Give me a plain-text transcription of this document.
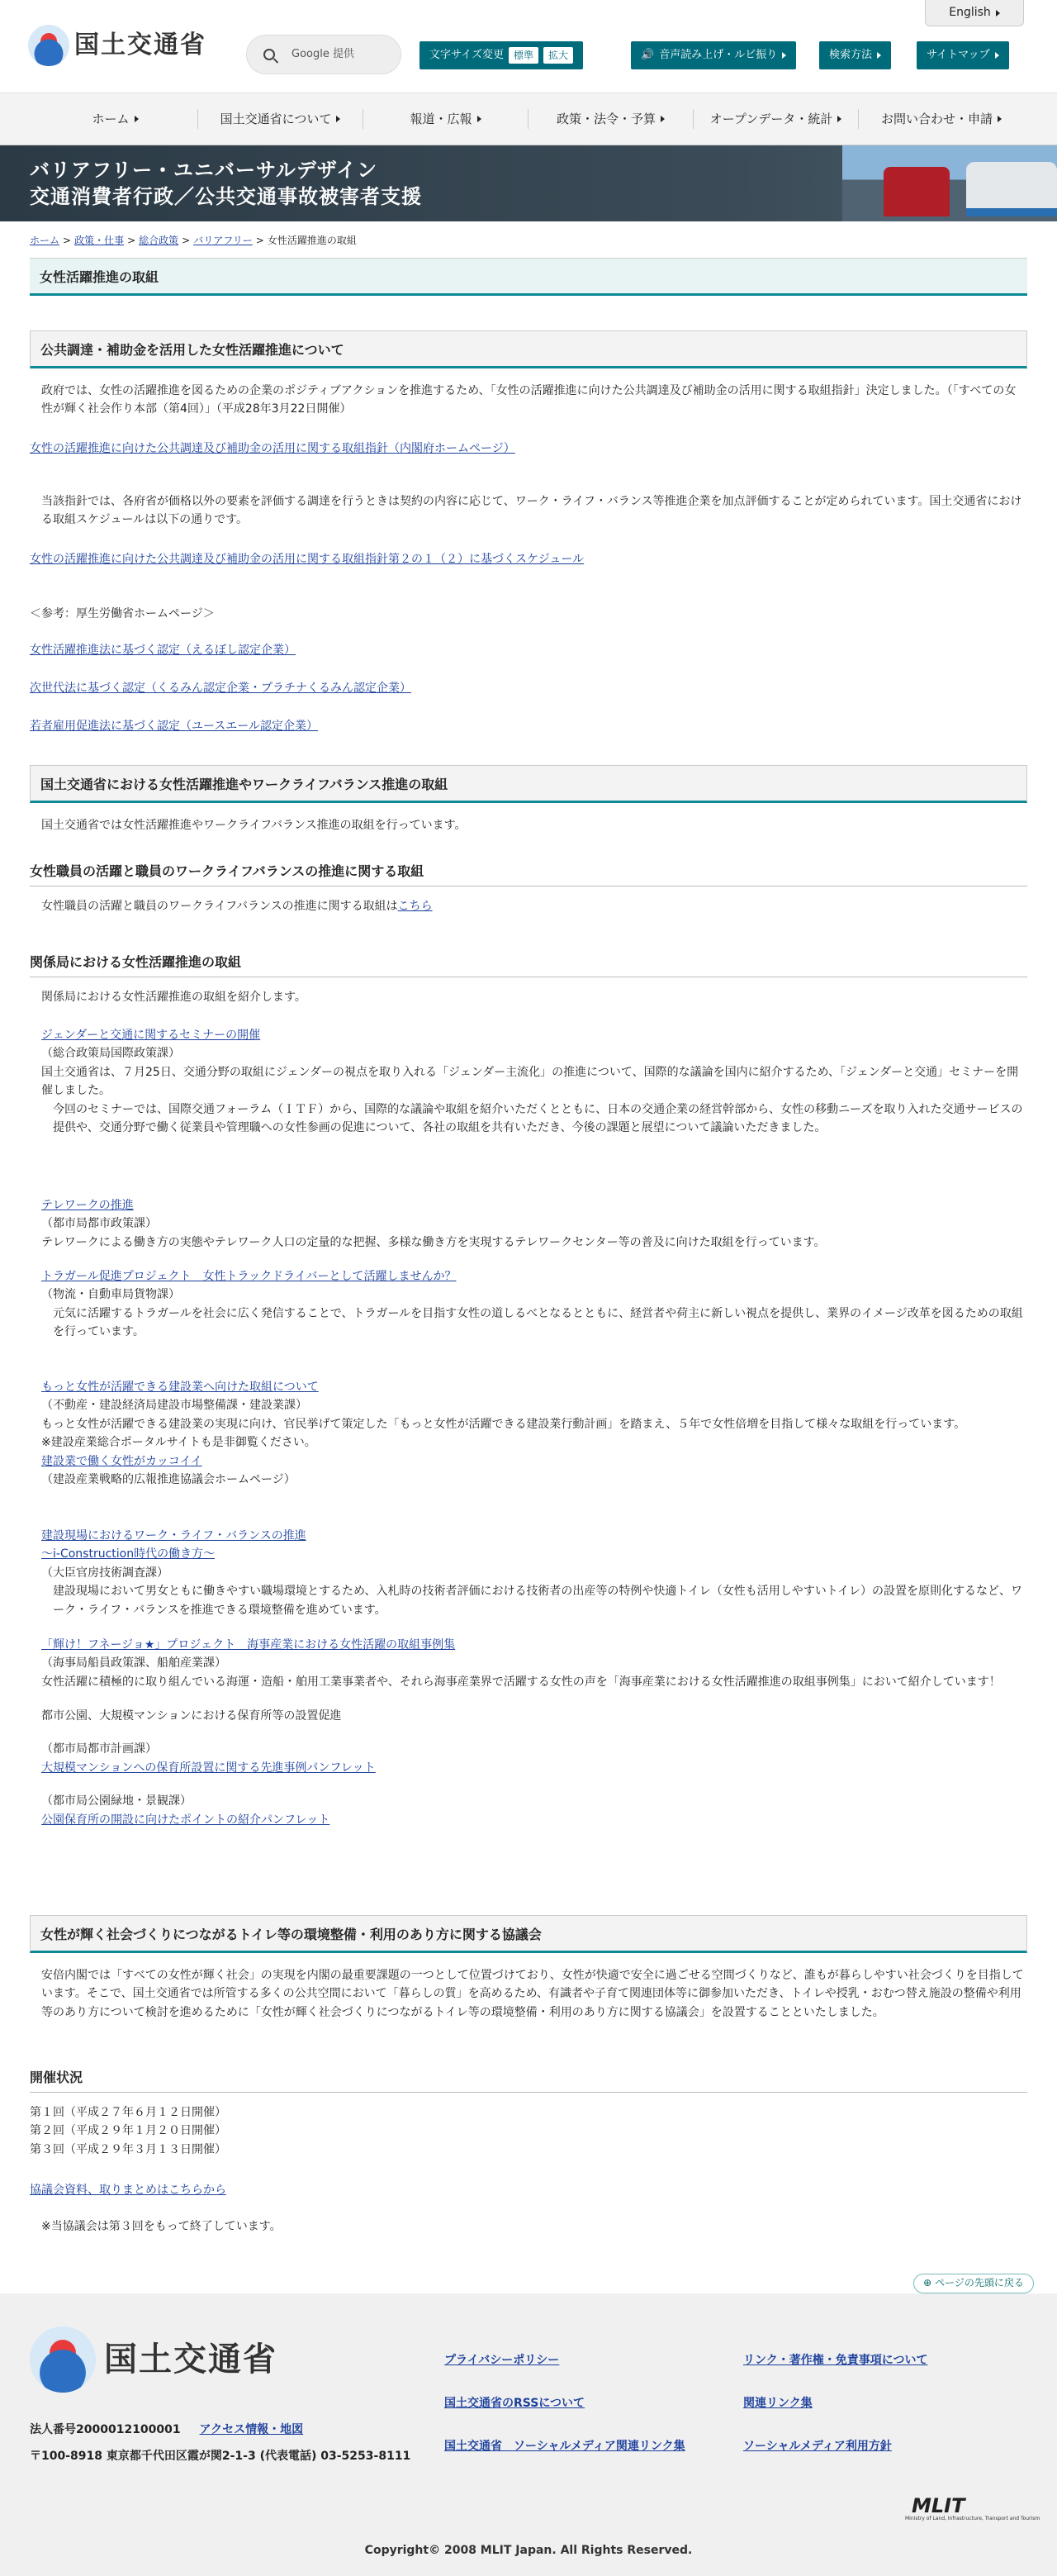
English
国土交通省	Google 提供	文字サイズ変更	標準	拡大	🔊 音声読み上げ・ルビ振り	検索方法	サイトマップ
ホーム	国土交通省について	報道・広報	政策・法令・予算	オープンデータ・統計	お問い合わせ・申請
バリアフリー・ユニバーサルデザイン
交通消費者行政／公共交通事故被害者支援
ホーム > 政策・仕事 > 総合政策 > バリアフリー > 女性活躍推進の取組
女性活躍推進の取組
公共調達・補助金を活用した女性活躍推進について

政府では、女性の活躍推進を図るための企業のポジティブアクションを推進するため、「女性の活躍推進に向けた公共調達及び補助金の活用に関する取組指針」決定しました。（「すべての女性が輝く社会作り本部（第4回）」（平成28年3月22日開催）

女性の活躍推進に向けた公共調達及び補助金の活用に関する取組指針（内閣府ホームページ）

当該指針では、各府省が価格以外の要素を評価する調達を行うときは契約の内容に応じて、ワーク・ライフ・バランス等推進企業を加点評価することが定められています。国土交通省における取組スケジュールは以下の通りです。

女性の活躍推進に向けた公共調達及び補助金の活用に関する取組指針第２の１（２）に基づくスケジュール

＜参考：厚生労働省ホームページ＞

女性活躍推進法に基づく認定（えるぼし認定企業）
次世代法に基づく認定（くるみん認定企業・プラチナくるみん認定企業）
若者雇用促進法に基づく認定（ユースエール認定企業）
国土交通省における女性活躍推進やワークライフバランス推進の取組

国土交通省では女性活躍推進やワークライフバランス推進の取組を行っています。

女性職員の活躍と職員のワークライフバランスの推進に関する取組

女性職員の活躍と職員のワークライフバランスの推進に関する取組はこちら

関係局における女性活躍推進の取組

関係局における女性活躍推進の取組を紹介します。

ジェンダーと交通に関するセミナーの開催

（総合政策局国際政策課）

国土交通省は、７月25日、交通分野の取組にジェンダーの視点を取り入れる「ジェンダー主流化」の推進について、国際的な議論を国内に紹介するため、「ジェンダーと交通」セミナーを開催しました。

今回のセミナーでは、国際交通フォーラム（ＩＴＦ）から、国際的な議論や取組を紹介いただくとともに、日本の交通企業の経営幹部から、女性の移動ニーズを取り入れた交通サービスの提供や、交通分野で働く従業員や管理職への女性参画の促進について、各社の取組を共有いただき、今後の課題と展望について議論いただきました。

テレワークの推進

（都市局都市政策課）

テレワークによる働き方の実態やテレワーク人口の定量的な把握、多様な働き方を実現するテレワークセンター等の普及に向けた取組を行っています。

トラガール促進プロジェクト　女性トラックドライバーとして活躍しませんか？

（物流・自動車局貨物課）

元気に活躍するトラガールを社会に広く発信することで、トラガールを目指す女性の道しるべとなるとともに、経営者や荷主に新しい視点を提供し、業界のイメージ改革を図るための取組を行っています。

もっと女性が活躍できる建設業へ向けた取組について

（不動産・建設経済局建設市場整備課・建設業課）

もっと女性が活躍できる建設業の実現に向け、官民挙げて策定した「もっと女性が活躍できる建設業行動計画」を踏まえ、５年で女性倍増を目指して様々な取組を行っています。

※建設産業総合ポータルサイトも是非御覧ください。

建設業で働く女性がカッコイイ

（建設産業戦略的広報推進協議会ホームページ）

建設現場におけるワーク・ライフ・バランスの推進
～i-Construction時代の働き方～

（大臣官房技術調査課）

建設現場において男女ともに働きやすい職場環境とするため、入札時の技術者評価における技術者の出産等の特例や快適トイレ（女性も活用しやすいトイレ）の設置を原則化するなど、ワーク・ライフ・バランスを推進できる環境整備を進めています。

「輝け！フネージョ★」プロジェクト　海事産業における女性活躍の取組事例集

（海事局船員政策課、船舶産業課）

女性活躍に積極的に取り組んでいる海運・造船・舶用工業事業者や、それら海事産業界で活躍する女性の声を「海事産業における女性活躍推進の取組事例集」において紹介しています！

都市公園、大規模マンションにおける保育所等の設置促進

（都市局都市計画課）

大規模マンションへの保育所設置に関する先進事例パンフレット

（都市局公園緑地・景観課）

公園保育所の開設に向けたポイントの紹介パンフレット
女性が輝く社会づくりにつながるトイレ等の環境整備・利用のあり方に関する協議会

安倍内閣では「すべての女性が輝く社会」の実現を内閣の最重要課題の一つとして位置づけており、女性が快適で安全に過ごせる空間づくりなど、誰もが暮らしやすい社会づくりを目指しています。そこで、国土交通省では所管する多くの公共空間において「暮らしの質」を高めるため、有識者や子育て関連団体等に御参加いただき、トイレや授乳・おむつ替え施設の整備や利用等のあり方について検討を進めるために「女性が輝く社会づくりにつながるトイレ等の環境整備・利用のあり方に関する協議会」を設置することといたしました。

開催状況

第１回（平成２７年６月１２日開催）

第２回（平成２９年１月２０日開催）

第３回（平成２９年３月１３日開催）

協議会資料、取りまとめはこちらから

※当協議会は第３回をもって終了しています。

⊕ ページの先頭に戻る
国土交通省
法人番号2000012100001 アクセス情報・地図
〒100-8918 東京都千代田区霞が関2-1-3 (代表電話) 03-5253-8111
プライバシーポリシー	リンク・著作権・免責事項について
国土交通省のRSSについて	関連リンク集
国土交通省　ソーシャルメディア関連リンク集	ソーシャルメディア利用方針
MLIT
Ministry of Land, Infrastructure, Transport and Tourism
Copyright© 2008 MLIT Japan. All Rights Reserved.
